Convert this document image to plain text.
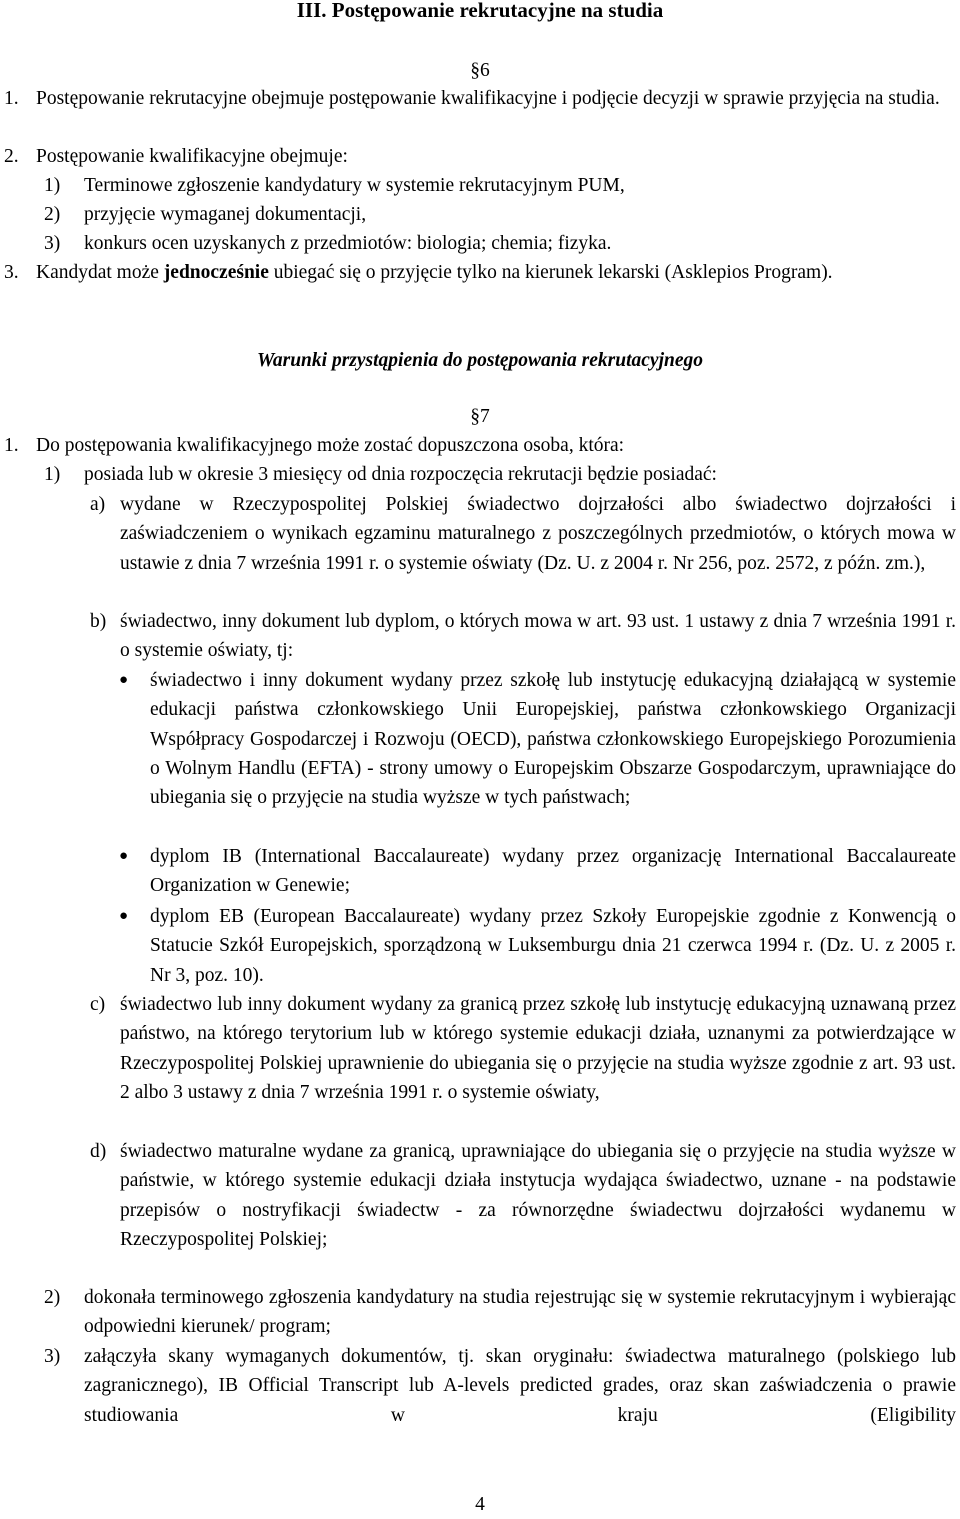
III. Postępowanie rekrutacyjne na studia
§6
1. Postępowanie rekrutacyjne obejmuje postępowanie kwalifikacyjne i podjęcie decyzji w sprawie przyjęcia na studia.
2. Postępowanie kwalifikacyjne obejmuje:
1) Terminowe zgłoszenie kandydatury w systemie rekrutacyjnym PUM,
2) przyjęcie wymaganej dokumentacji,
3) konkurs ocen uzyskanych z przedmiotów: biologia; chemia; fizyka.
3. Kandydat może jednocześnie ubiegać się o przyjęcie tylko na kierunek lekarski (Asklepios Program).
Warunki przystąpienia do postępowania rekrutacyjnego
§7
1. Do postępowania kwalifikacyjnego może zostać dopuszczona osoba, która:
1) posiada lub w okresie 3 miesięcy od dnia rozpoczęcia rekrutacji będzie posiadać:
a) wydane w Rzeczypospolitej Polskiej świadectwo dojrzałości albo świadectwo dojrzałości i zaświadczeniem o wynikach egzaminu maturalnego z poszczególnych przedmiotów, o których mowa w ustawie z dnia 7 września 1991 r. o systemie oświaty (Dz. U. z 2004 r. Nr 256, poz. 2572, z późn. zm.),
b) świadectwo, inny dokument lub dyplom, o których mowa w art. 93 ust. 1 ustawy z dnia 7 września 1991 r. o systemie oświaty, tj:
● świadectwo i inny dokument wydany przez szkołę lub instytucję edukacyjną działającą w systemie edukacji państwa członkowskiego Unii Europejskiej, państwa członkowskiego Organizacji Współpracy Gospodarczej i Rozwoju (OECD), państwa członkowskiego Europejskiego Porozumienia o Wolnym Handlu (EFTA) - strony umowy o Europejskim Obszarze Gospodarczym, uprawniające do ubiegania się o przyjęcie na studia wyższe w tych państwach;
● dyplom IB (International Baccalaureate) wydany przez organizację International Baccalaureate Organization w Genewie;
● dyplom EB (European Baccalaureate) wydany przez Szkoły Europejskie zgodnie z Konwencją o Statucie Szkół Europejskich, sporządzoną w Luksemburgu dnia 21 czerwca 1994 r. (Dz. U. z 2005 r. Nr 3, poz. 10).
c) świadectwo lub inny dokument wydany za granicą przez szkołę lub instytucję edukacyjną uznawaną przez państwo, na którego terytorium lub w którego systemie edukacji działa, uznanymi za potwierdzające w Rzeczypospolitej Polskiej uprawnienie do ubiegania się o przyjęcie na studia wyższe zgodnie z art. 93 ust. 2 albo 3 ustawy z dnia 7 września 1991 r. o systemie oświaty,
d) świadectwo maturalne wydane za granicą, uprawniające do ubiegania się o przyjęcie na studia wyższe w państwie, w którego systemie edukacji działa instytucja wydająca świadectwo, uznane - na podstawie przepisów o nostryfikacji świadectw - za równorzędne świadectwu dojrzałości wydanemu w Rzeczypospolitej Polskiej;
2) dokonała terminowego zgłoszenia kandydatury na studia rejestrując się w systemie rekrutacyjnym i wybierając odpowiedni kierunek/ program;
3) załączyła skany wymaganych dokumentów, tj. skan oryginału: świadectwa maturalnego (polskiego lub zagranicznego), IB Official Transcript lub A-levels predicted grades, oraz skan zaświadczenia o prawie studiowania w kraju (Eligibility
4
